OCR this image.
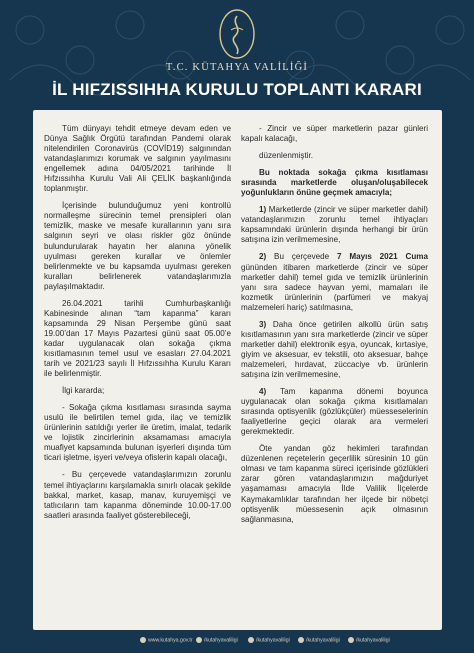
T.C. KÜTAHYA VALİLİĞİ
İL HIFZISSIHHA KURULU TOPLANTI KARARI

Tüm dünyayı tehdit etmeye devam eden ve Dünya Sağlık Örgütü tarafından Pandemi olarak nitelendirilen Coronavirüs (COVİD19) salgınından vatandaşlarımızı korumak ve salgının yayılmasını engellemek adına 04/05/2021 tarihinde İl Hıfzıssıhha Kurulu Vali Ali ÇELİK başkanlığında toplanmıştır.

İçerisinde bulunduğumuz yeni kontrollü normalleşme sürecinin temel prensipleri olan temizlik, maske ve mesafe kurallarının yanı sıra salgının seyri ve olası riskler göz önünde bulundurularak hayatın her alanına yönelik uyulması gereken kurallar ve önlemler belirlenmekte ve bu kapsamda uyulması gereken kuralları belirlenerek vatandaşlarımızla paylaşılmaktadır.

26.04.2021 tarihli Cumhurbaşkanlığı Kabinesinde alınan “tam kapanma” kararı kapsamında 29 Nisan Perşembe günü saat 19.00’dan 17 Mayıs Pazartesi günü saat 05.00’e kadar uygulanacak olan sokağa çıkma kısıtlamasının temel usul ve esasları 27.04.2021 tarih ve 2021/23 sayılı İl Hıfzıssıhha Kurulu Kararı ile belirlenmiştir.

İlgi kararda;

- Sokağa çıkma kısıtlaması sırasında sayma usulü ile belirtilen temel gıda, ilaç ve temizlik ürünlerinin satıldığı yerler ile üretim, imalat, tedarik ve lojistik zincirlerinin aksamaması amacıyla muafiyet kapsamında bulunan işyerleri dışında tüm ticari işletme, işyeri ve/veya ofislerin kapalı olacağı,

- Bu çerçevede vatandaşlarımızın zorunlu temel ihtiyaçlarını karşılamakla sınırlı olacak şekilde bakkal, market, kasap, manav, kuruyemişçi ve tatlıcıların tam kapanma döneminde 10.00-17.00 saatleri arasında faaliyet gösterebileceği,

- Zincir ve süper marketlerin pazar günleri kapalı kalacağı,

düzenlenmiştir.

Bu noktada sokağa çıkma kısıtlaması sırasında marketlerde oluşan/oluşabilecek yoğunlukların önüne geçmek amacıyla;

1) Marketlerde (zincir ve süper marketler dahil) vatandaşlarımızın zorunlu temel ihtiyaçları kapsamındaki ürünlerin dışında herhangi bir ürün satışına izin verilmemesine,

2) Bu çerçevede 7 Mayıs 2021 Cuma gününden itibaren marketlerde (zincir ve süper marketler dahil) temel gıda ve temizlik ürünlerinin yanı sıra sadece hayvan yemi, mamaları ile kozmetik ürünlerinin (parfümeri ve makyaj malzemeleri hariç) satılmasına,

3) Daha önce getirilen alkollü ürün satış kısıtlamasının yanı sıra marketlerde (zincir ve süper marketler dahil) elektronik eşya, oyuncak, kırtasiye, giyim ve aksesuar, ev tekstili, oto aksesuar, bahçe malzemeleri, hırdavat, züccaciye vb. ürünlerin satışına izin verilmemesine,

4) Tam kapanma dönemi boyunca uygulanacak olan sokağa çıkma kısıtlamaları sırasında optisyenlik (gözlükçüler) müesseselerinin faaliyetlerine geçici olarak ara vermeleri gerekmektedir.

Öte yandan göz hekimleri tarafından düzenlenen reçetelerin geçerlilik süresinin 10 gün olması ve tam kapanma süreci içerisinde gözlükleri zarar gören vatandaşlarımızın mağduriyet yaşamaması amacıyla İlde Valilik İlçelerde Kaymakamlıklar tarafından her ilçede bir nöbetçi optisyenlik müessesenin açık olmasının sağlanmasına,

www.kutahya.gov.tr	/kutahyavaliligi	/kutahyavaliligi	/kutahyavaliligi	/kutahyavaliligi
